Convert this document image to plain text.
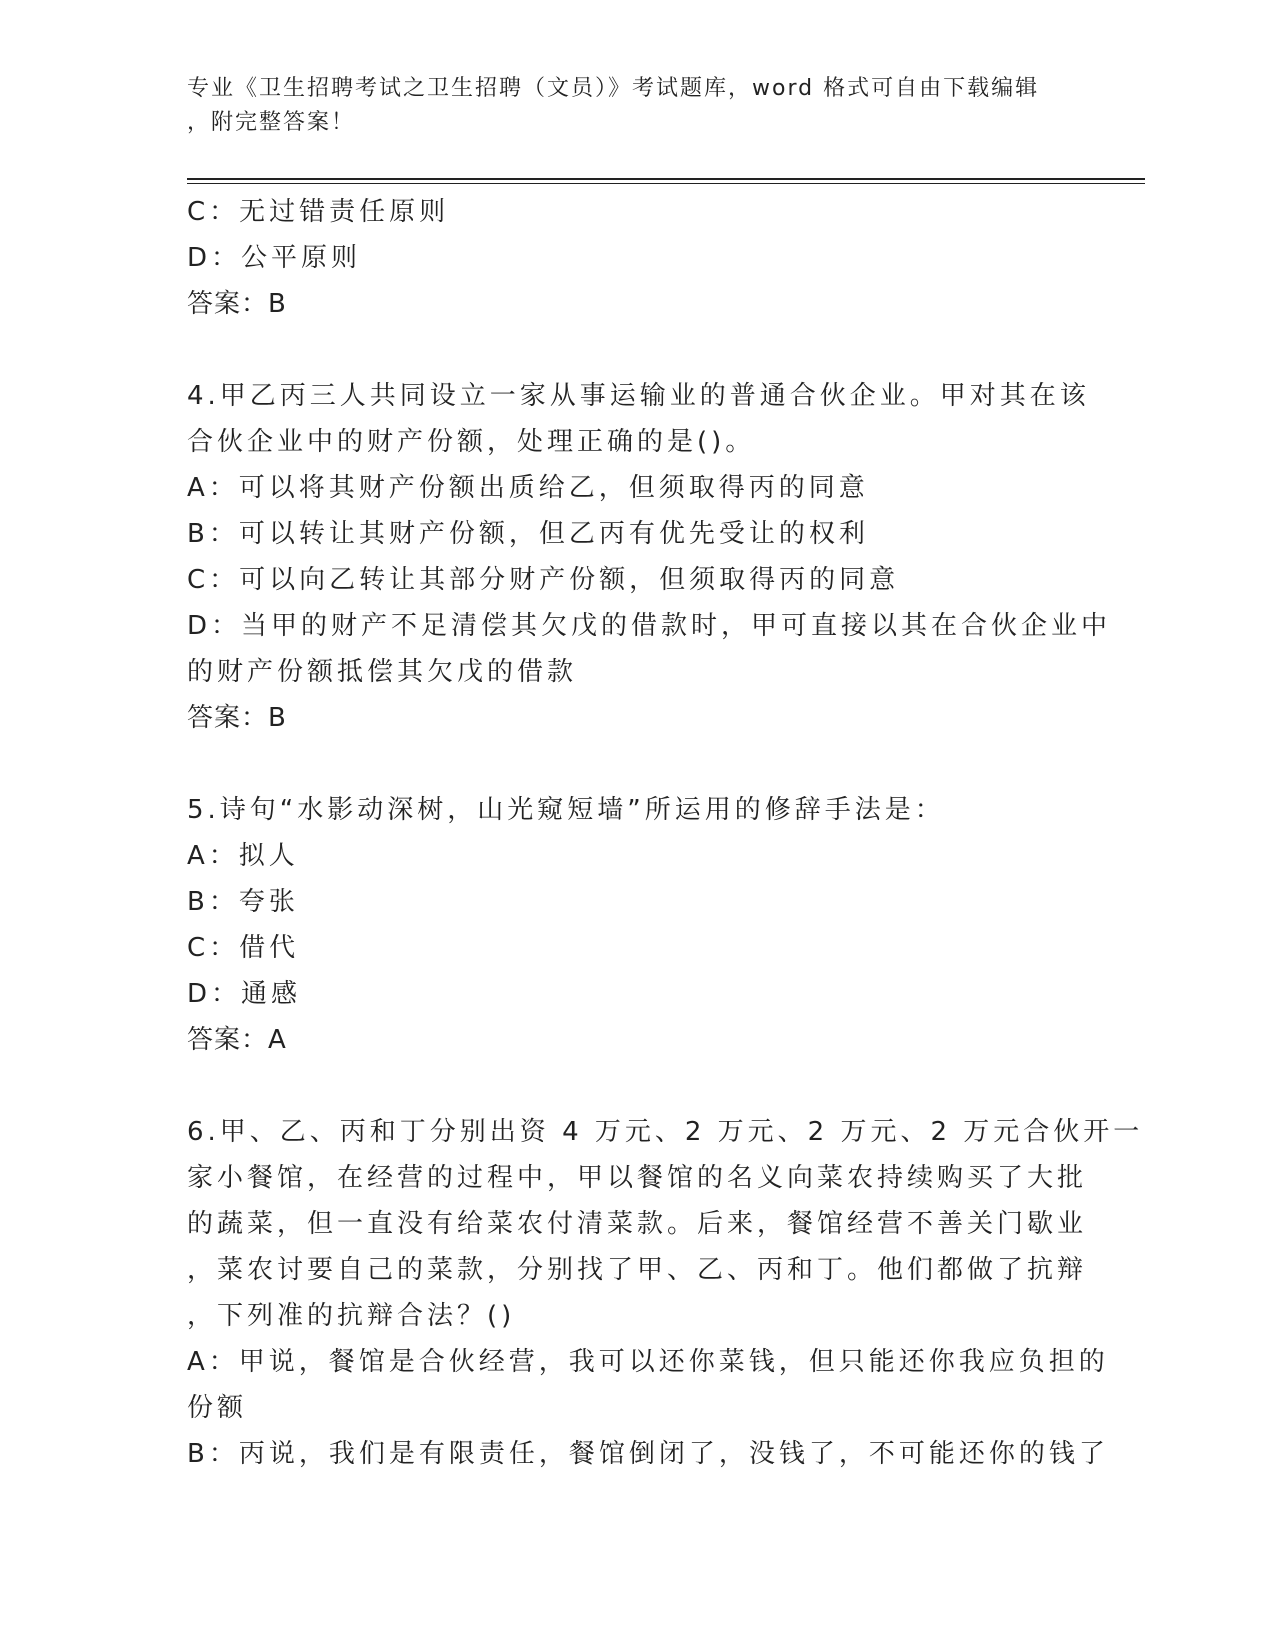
专业《卫生招聘考试之卫生招聘（文员）》考试题库，word 格式可自由下载编辑
，附完整答案！
C：无过错责任原则
D：公平原则
答案：B
4.甲乙丙三人共同设立一家从事运输业的普通合伙企业。甲对其在该
合伙企业中的财产份额，处理正确的是()。
A：可以将其财产份额出质给乙，但须取得丙的同意
B：可以转让其财产份额，但乙丙有优先受让的权利
C：可以向乙转让其部分财产份额，但须取得丙的同意
D：当甲的财产不足清偿其欠戊的借款时，甲可直接以其在合伙企业中
的财产份额抵偿其欠戊的借款
答案：B
5.诗句“水影动深树，山光窥短墙”所运用的修辞手法是：
A：拟人
B：夸张
C：借代
D：通感
答案：A
6.甲、乙、丙和丁分别出资 4 万元、2 万元、2 万元、2 万元合伙开一
家小餐馆，在经营的过程中，甲以餐馆的名义向菜农持续购买了大批
的蔬菜，但一直没有给菜农付清菜款。后来，餐馆经营不善关门歇业
，菜农讨要自己的菜款，分别找了甲、乙、丙和丁。他们都做了抗辩
，下列准的抗辩合法？()
A：甲说，餐馆是合伙经营，我可以还你菜钱，但只能还你我应负担的
份额
B：丙说，我们是有限责任，餐馆倒闭了，没钱了，不可能还你的钱了
